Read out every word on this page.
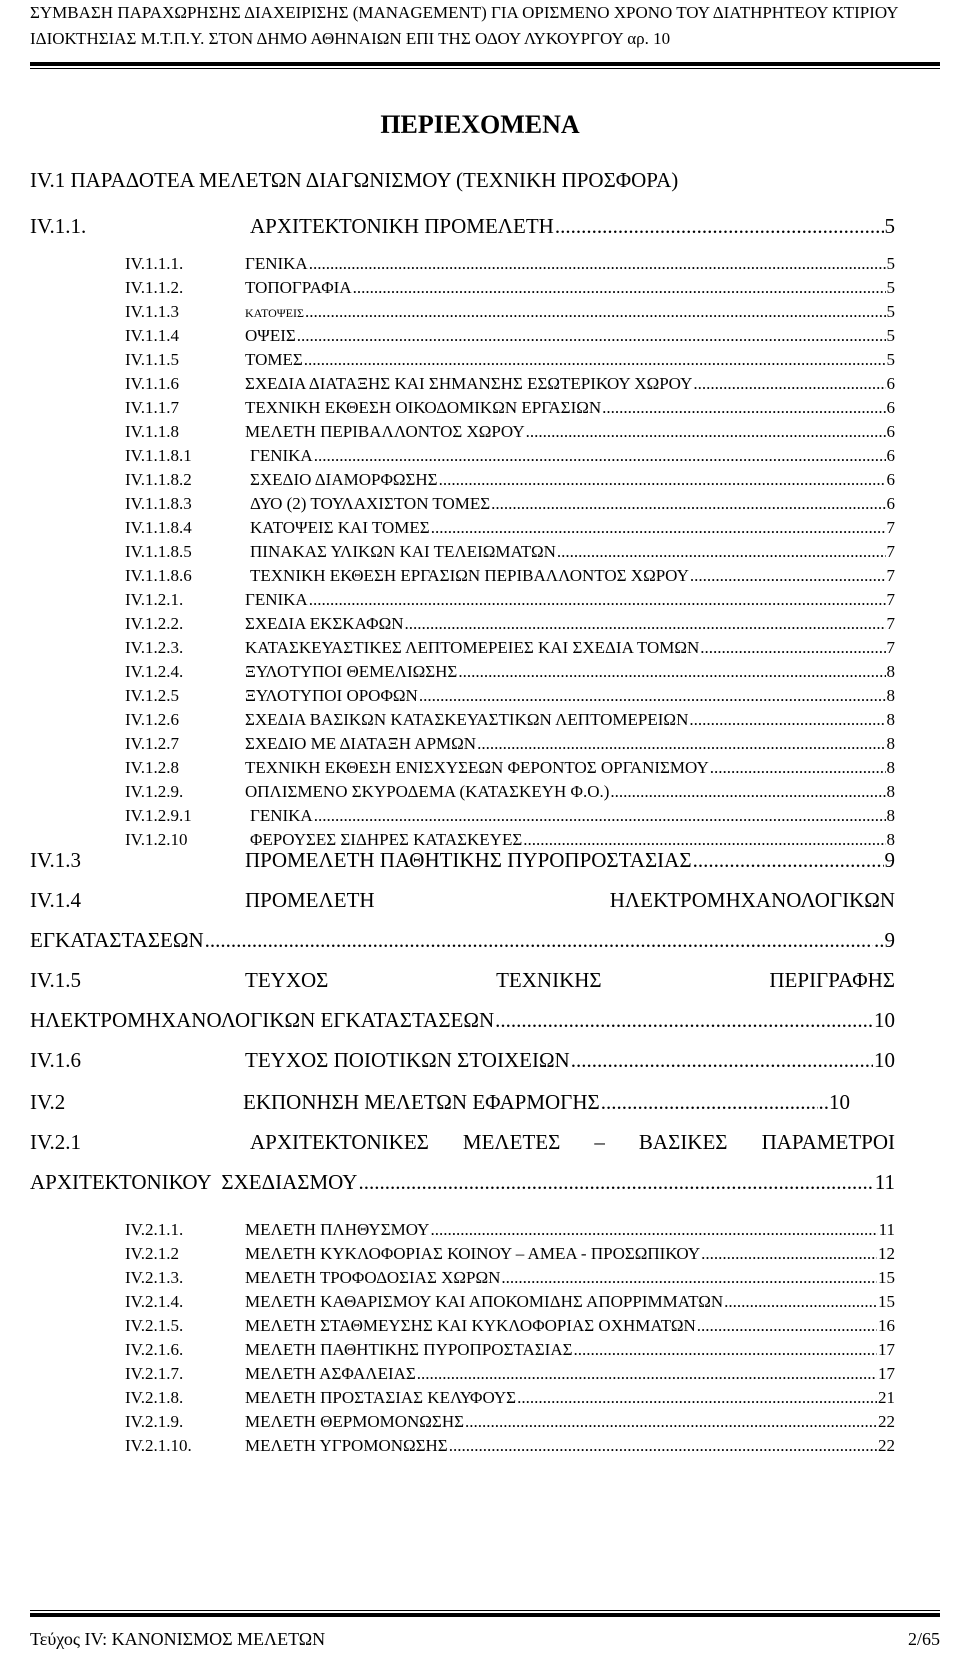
ΣΥΜΒΑΣΗ ΠΑΡΑΧΩΡΗΣΗΣ ΔΙΑΧΕΙΡΙΣΗΣ (MANAGEMENT) ΓΙΑ ΟΡΙΣΜΕΝΟ ΧΡΟΝΟ ΤΟΥ ΔΙΑΤΗΡΗΤΕΟΥ ΚΤΙΡΙΟΥ
ΙΔΙΟΚΤΗΣΙΑΣ Μ.Τ.Π.Υ. ΣΤΟΝ ΔΗΜΟ ΑΘΗΝΑΙΩΝ ΕΠΙ ΤΗΣ ΟΔΟΥ ΛΥΚΟΥΡΓΟΥ αρ. 10
ΠΕΡΙΕΧΟΜΕΝΑ
IV.1 ΠΑΡΑΔΟΤΕΑ ΜΕΛΕΤΩΝ ΔΙΑΓΩΝΙΣΜΟΥ (ΤΕΧΝΙΚΗ ΠΡΟΣΦΟΡΑ)
IV.1.1.	ΑΡΧΙΤΕΚΤΟΝΙΚΗ ΠΡΟΜΕΛΕΤΗ .....	5
IV.1.1.1.	ΓΕΝΙΚΑ .....	5
IV.1.1.2.	ΤΟΠΟΓΡΑΦΙΑ .....	5
IV.1.1.3	ΚΑΤΟΨΕΙΣ .....	5
IV.1.1.4	ΟΨΕΙΣ .....	5
IV.1.1.5	ΤΟΜΕΣ .....	5
IV.1.1.6	ΣΧΕΔΙΑ ΔΙΑΤΑΞΗΣ ΚΑΙ ΣΗΜΑΝΣΗΣ ΕΣΩΤΕΡΙΚΟΥ ΧΩΡΟΥ .....	6
IV.1.1.7	ΤΕΧΝΙΚΗ ΕΚΘΕΣΗ ΟΙΚΟΔΟΜΙΚΩΝ ΕΡΓΑΣΙΩΝ .....	6
IV.1.1.8	ΜΕΛΕΤΗ ΠΕΡΙΒΑΛΛΟΝΤΟΣ ΧΩΡΟΥ .....	6
IV.1.1.8.1	ΓΕΝΙΚΑ .....	6
IV.1.1.8.2	ΣΧΕΔΙΟ ΔΙΑΜΟΡΦΩΣΗΣ .....	6
IV.1.1.8.3	ΔΥΟ (2) ΤΟΥΛΑΧΙΣΤΟΝ ΤΟΜΕΣ .....	6
IV.1.1.8.4	ΚΑΤΟΨΕΙΣ ΚΑΙ ΤΟΜΕΣ .....	7
IV.1.1.8.5	ΠΙΝΑΚΑΣ ΥΛΙΚΩΝ ΚΑΙ ΤΕΛΕΙΩΜΑΤΩΝ .....	7
IV.1.1.8.6	ΤΕΧΝΙΚΗ ΕΚΘΕΣΗ ΕΡΓΑΣΙΩΝ ΠΕΡΙΒΑΛΛΟΝΤΟΣ ΧΩΡΟΥ .....	7
IV.1.2.1.	ΓΕΝΙΚΑ .....	7
IV.1.2.2.	ΣΧΕΔΙΑ ΕΚΣΚΑΦΩΝ .....	7
IV.1.2.3.	ΚΑΤΑΣΚΕΥΑΣΤΙΚΕΣ ΛΕΠΤΟΜΕΡΕΙΕΣ ΚΑΙ ΣΧΕΔΙΑ ΤΟΜΩΝ .....	7
IV.1.2.4.	ΞΥΛΟΤΥΠΟΙ ΘΕΜΕΛΙΩΣΗΣ .....	8
IV.1.2.5	ΞΥΛΟΤΥΠΟΙ ΟΡΟΦΩΝ .....	8
IV.1.2.6	ΣΧΕΔΙΑ ΒΑΣΙΚΩΝ ΚΑΤΑΣΚΕΥΑΣΤΙΚΩΝ ΛΕΠΤΟΜΕΡΕΙΩΝ .....	8
IV.1.2.7	ΣΧΕΔΙΟ ΜΕ ΔΙΑΤΑΞΗ ΑΡΜΩΝ .....	8
IV.1.2.8	ΤΕΧΝΙΚΗ ΕΚΘΕΣΗ ΕΝΙΣΧΥΣΕΩΝ ΦΕΡΟΝΤΟΣ ΟΡΓΑΝΙΣΜΟΥ .....	8
IV.1.2.9.	ΟΠΛΙΣΜΕΝΟ ΣΚΥΡΟΔΕΜΑ (ΚΑΤΑΣΚΕΥΗ Φ.Ο.) .....	8
IV.1.2.9.1	ΓΕΝΙΚΑ .....	8
IV.1.2.10	ΦΕΡΟΥΣΕΣ ΣΙΔΗΡΕΣ ΚΑΤΑΣΚΕΥΕΣ .....	8
IV.1.3	ΠΡΟΜΕΛΕΤΗ ΠΑΘΗΤΙΚΗΣ ΠΥΡΟΠΡΟΣΤΑΣΙΑΣ .....	9
IV.1.4	ΠΡΟΜΕΛΕΤΗ	ΗΛΕΚΤΡΟΜΗΧΑΝΟΛΟΓΙΚΩΝ
ΕΓΚΑΤΑΣΤΑΣΕΩΝ .....	..9
IV.1.5	ΤΕΥΧΟΣ	ΤΕΧΝΙΚΗΣ	ΠΕΡΙΓΡΑΦΗΣ
ΗΛΕΚΤΡΟΜΗΧΑΝΟΛΟΓΙΚΩΝ ΕΓΚΑΤΑΣΤΑΣΕΩΝ .....	10
IV.1.6	ΤΕΥΧΟΣ ΠΟΙΟΤΙΚΩΝ ΣΤΟΙΧΕΙΩΝ .....	10
IV.2	ΕΚΠΟΝΗΣΗ ΜΕΛΕΤΩΝ ΕΦΑΡΜΟΓΗΣ .....	..10
IV.2.1	ΑΡΧΙΤΕΚΤΟΝΙΚΕΣ ΜΕΛΕΤΕΣ – ΒΑΣΙΚΕΣ ΠΑΡΑΜΕΤΡΟΙ
ΑΡΧΙΤΕΚΤΟΝΙΚΟΥ  ΣΧΕΔΙΑΣΜΟΥ .....	11
IV.2.1.1.	ΜΕΛΕΤΗ ΠΛΗΘΥΣΜΟΥ .....	11
IV.2.1.2	ΜΕΛΕΤΗ ΚΥΚΛΟΦΟΡΙΑΣ ΚΟΙΝΟΥ – ΑΜΕΑ - ΠΡΟΣΩΠΙΚΟΥ .....	12
IV.2.1.3.	ΜΕΛΕΤΗ ΤΡΟΦΟΔΟΣΙΑΣ ΧΩΡΩΝ .....	15
IV.2.1.4.	ΜΕΛΕΤΗ ΚΑΘΑΡΙΣΜΟΥ ΚΑΙ ΑΠΟΚΟΜΙΔΗΣ ΑΠΟΡΡΙΜΜΑΤΩΝ .....	15
IV.2.1.5.	ΜΕΛΕΤΗ ΣΤΑΘΜΕΥΣΗΣ ΚΑΙ ΚΥΚΛΟΦΟΡΙΑΣ ΟΧΗΜΑΤΩΝ .....	16
IV.2.1.6.	ΜΕΛΕΤΗ ΠΑΘΗΤΙΚΗΣ ΠΥΡΟΠΡΟΣΤΑΣΙΑΣ .....	17
IV.2.1.7.	ΜΕΛΕΤΗ ΑΣΦΑΛΕΙΑΣ .....	17
IV.2.1.8.	ΜΕΛΕΤΗ ΠΡΟΣΤΑΣΙΑΣ ΚΕΛΥΦΟΥΣ .....	21
IV.2.1.9.	ΜΕΛΕΤΗ ΘΕΡΜΟΜΟΝΩΣΗΣ .....	22
IV.2.1.10.	ΜΕΛΕΤΗ ΥΓΡΟΜΟΝΩΣΗΣ .....	22
Τεύχος IV: ΚΑΝΟΝΙΣΜΟΣ ΜΕΛΕΤΩΝ	2/65
